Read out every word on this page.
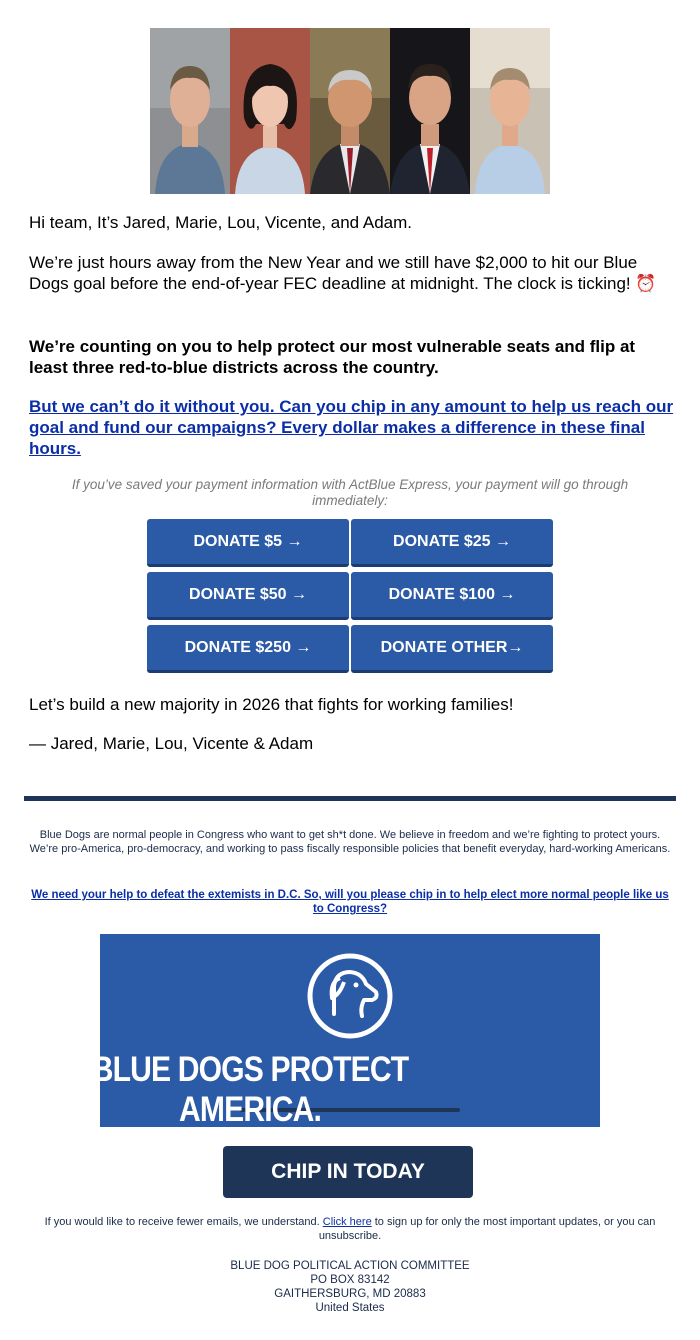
Hi team, It’s Jared, Marie, Lou, Vicente, and Adam.

We’re just hours away from the New Year and we still have $2,000 to hit our Blue Dogs goal before the end-of-year FEC deadline at midnight. The clock is ticking! ⏰

We’re counting on you to help protect our most vulnerable seats and flip at least three red-to-blue districts across the country.

But we can’t do it without you. Can you chip in any amount to help us reach our goal and fund our campaigns? Every dollar makes a difference in these final hours.

If you’ve saved your payment information with ActBlue Express, your payment will go through immediately:

DONATE $5 →	DONATE $25 →
DONATE $50 →	DONATE $100 →
DONATE $250 →	DONATE OTHER→

Let’s build a new majority in 2026 that fights for working families!

— Jared, Marie, Lou, Vicente & Adam

Blue Dogs are normal people in Congress who want to get sh*t done. We believe in freedom and we’re fighting to protect yours. We’re pro-America, pro-democracy, and working to pass fiscally responsible policies that benefit everyday, hard-working Americans.

We need your help to defeat the extemists in D.C. So, will you please chip in to help elect more normal people like us to Congress?

BLUE DOGS PROTECT AMERICA.
CHIP IN TODAY

If you would like to receive fewer emails, we understand. Click here to sign up for only the most important updates, or you can unsubscribe.

BLUE DOG POLITICAL ACTION COMMITTEE
PO BOX 83142
GAITHERSBURG, MD 20883
United States
